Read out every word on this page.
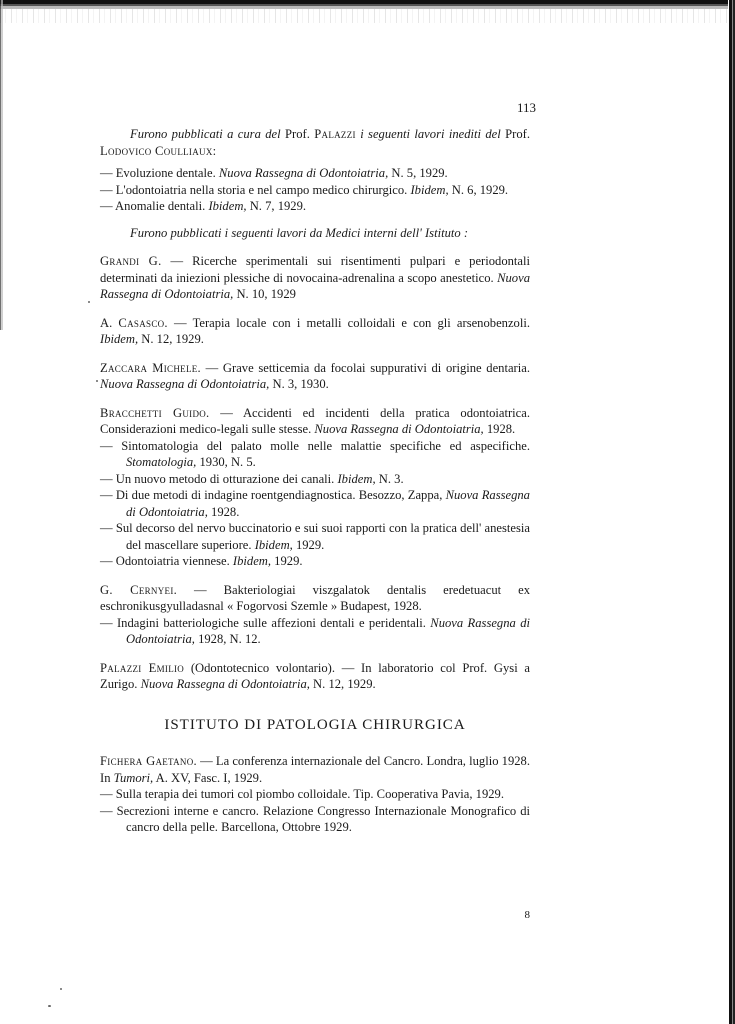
113

Furono pubblicati a cura del Prof. Palazzi i seguenti lavori inediti del Prof. Lodovico Coulliaux:

— Evoluzione dentale. Nuova Rassegna di Odontoiatria, N. 5, 1929.

— L'odontoiatria nella storia e nel campo medico chirurgico. Ibidem, N. 6, 1929.

— Anomalie dentali. Ibidem, N. 7, 1929.

Furono pubblicati i seguenti lavori da Medici interni dell' Istituto :

Grandi G. — Ricerche sperimentali sui risentimenti pulpari e periodontali determinati da iniezioni plessiche di novocaina-adrenalina a scopo anestetico. Nuova Rassegna di Odontoiatria, N. 10, 1929

A. Casasco. — Terapia locale con i metalli colloidali e con gli arsenobenzoli. Ibidem, N. 12, 1929.

Zaccara Michele. — Grave setticemia da focolai suppurativi di origine dentaria. Nuova Rassegna di Odontoiatria, N. 3, 1930.

Bracchetti Guido. — Accidenti ed incidenti della pratica odontoiatrica. Considerazioni medico-legali sulle stesse. Nuova Rassegna di Odontoiatria, 1928.

— Sintomatologia del palato molle nelle malattie specifiche ed aspecifiche. Stomatologia, 1930, N. 5.

— Un nuovo metodo di otturazione dei canali. Ibidem, N. 3.

— Di due metodi di indagine roentgendiagnostica. Besozzo, Zappa, Nuova Rassegna di Odontoiatria, 1928.

— Sul decorso del nervo buccinatorio e sui suoi rapporti con la pratica dell' anestesia del mascellare superiore. Ibidem, 1929.

— Odontoiatria viennese. Ibidem, 1929.

G. Cernyei. — Bakteriologiai viszgalatok dentalis eredetuacut ex eschronikusgyulladasnal « Fogorvosi Szemle » Budapest, 1928.

— Indagini batteriologiche sulle affezioni dentali e peridentali. Nuova Rassegna di Odontoiatria, 1928, N. 12.

Palazzi Emilio (Odontotecnico volontario). — In laboratorio col Prof. Gysi a Zurigo. Nuova Rassegna di Odontoiatria, N. 12, 1929.

ISTITUTO DI PATOLOGIA CHIRURGICA

Fichera Gaetano. — La conferenza internazionale del Cancro. Londra, luglio 1928. In Tumori, A. XV, Fasc. I, 1929.

— Sulla terapia dei tumori col piombo colloidale. Tip. Cooperativa Pavia, 1929.

— Secrezioni interne e cancro. Relazione Congresso Internazionale Monografico di cancro della pelle. Barcellona, Ottobre 1929.

8
